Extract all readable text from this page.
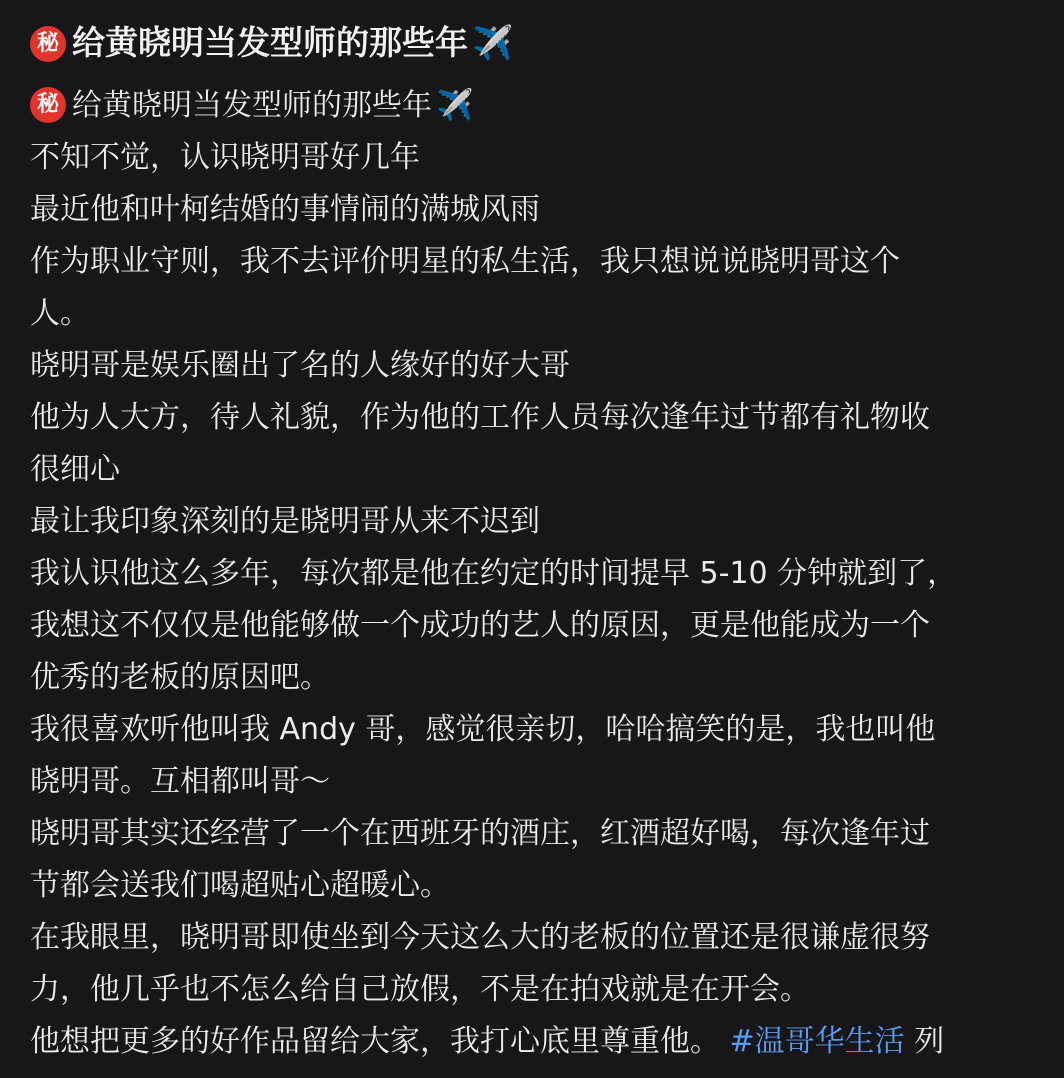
秘 给黄晓明当发型师的那些年 ✈️
秘 给黄晓明当发型师的那些年 ✈️
不知不觉，认识晓明哥好几年
最近他和叶柯结婚的事情闹的满城风雨
作为职业守则，我不去评价明星的私生活，我只想说说晓明哥这个
人。
晓明哥是娱乐圈出了名的人缘好的好大哥
他为人大方，待人礼貌，作为他的工作人员每次逢年过节都有礼物收
很细心
最让我印象深刻的是晓明哥从来不迟到
我认识他这么多年，每次都是他在约定的时间提早 5-10 分钟就到了，
我想这不仅仅是他能够做一个成功的艺人的原因，更是他能成为一个
优秀的老板的原因吧。
我很喜欢听他叫我 Andy 哥，感觉很亲切，哈哈搞笑的是，我也叫他
晓明哥。互相都叫哥～
晓明哥其实还经营了一个在西班牙的酒庄，红酒超好喝，每次逢年过
节都会送我们喝超贴心超暖心。
在我眼里，晓明哥即使坐到今天这么大的老板的位置还是很谦虚很努
力，他几乎也不怎么给自己放假，不是在拍戏就是在开会。
他想把更多的好作品留给大家，我打心底里尊重他。 #温哥华生活 列
